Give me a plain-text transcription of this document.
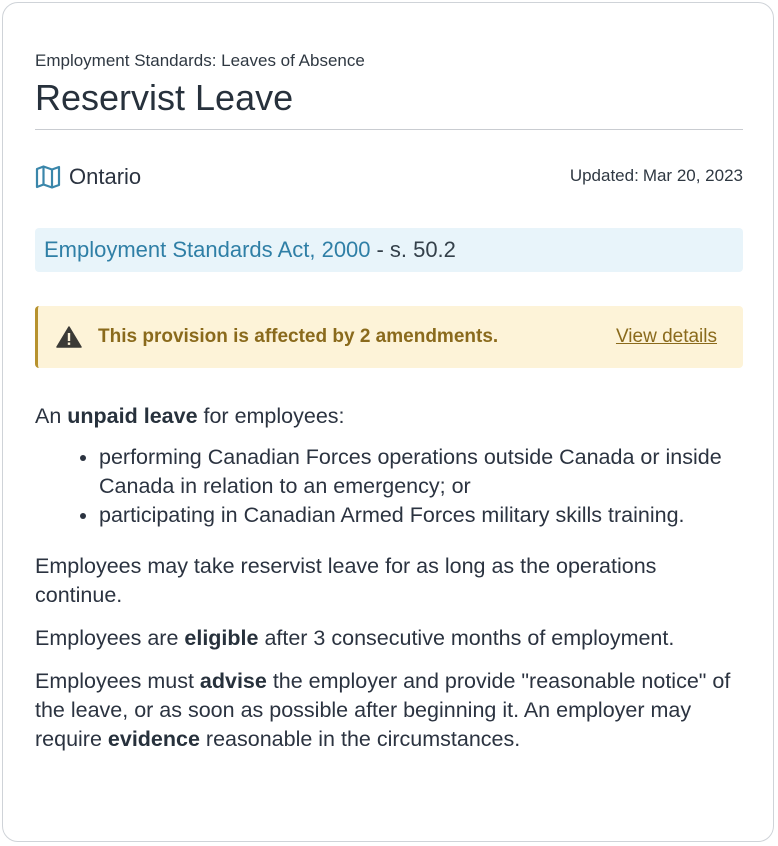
Employment Standards: Leaves of Absence
Reservist Leave
Ontario	Updated: Mar 20, 2023
Employment Standards Act, 2000 - s. 50.2
This provision is affected by 2 amendments.	View details
An unpaid leave for employees:
• performing Canadian Forces operations outside Canada or inside Canada in relation to an emergency; or
• participating in Canadian Armed Forces military skills training.

Employees may take reservist leave for as long as the operations continue.

Employees are eligible after 3 consecutive months of employment.

Employees must advise the employer and provide "reasonable notice" of the leave, or as soon as possible after beginning it. An employer may require evidence reasonable in the circumstances.
